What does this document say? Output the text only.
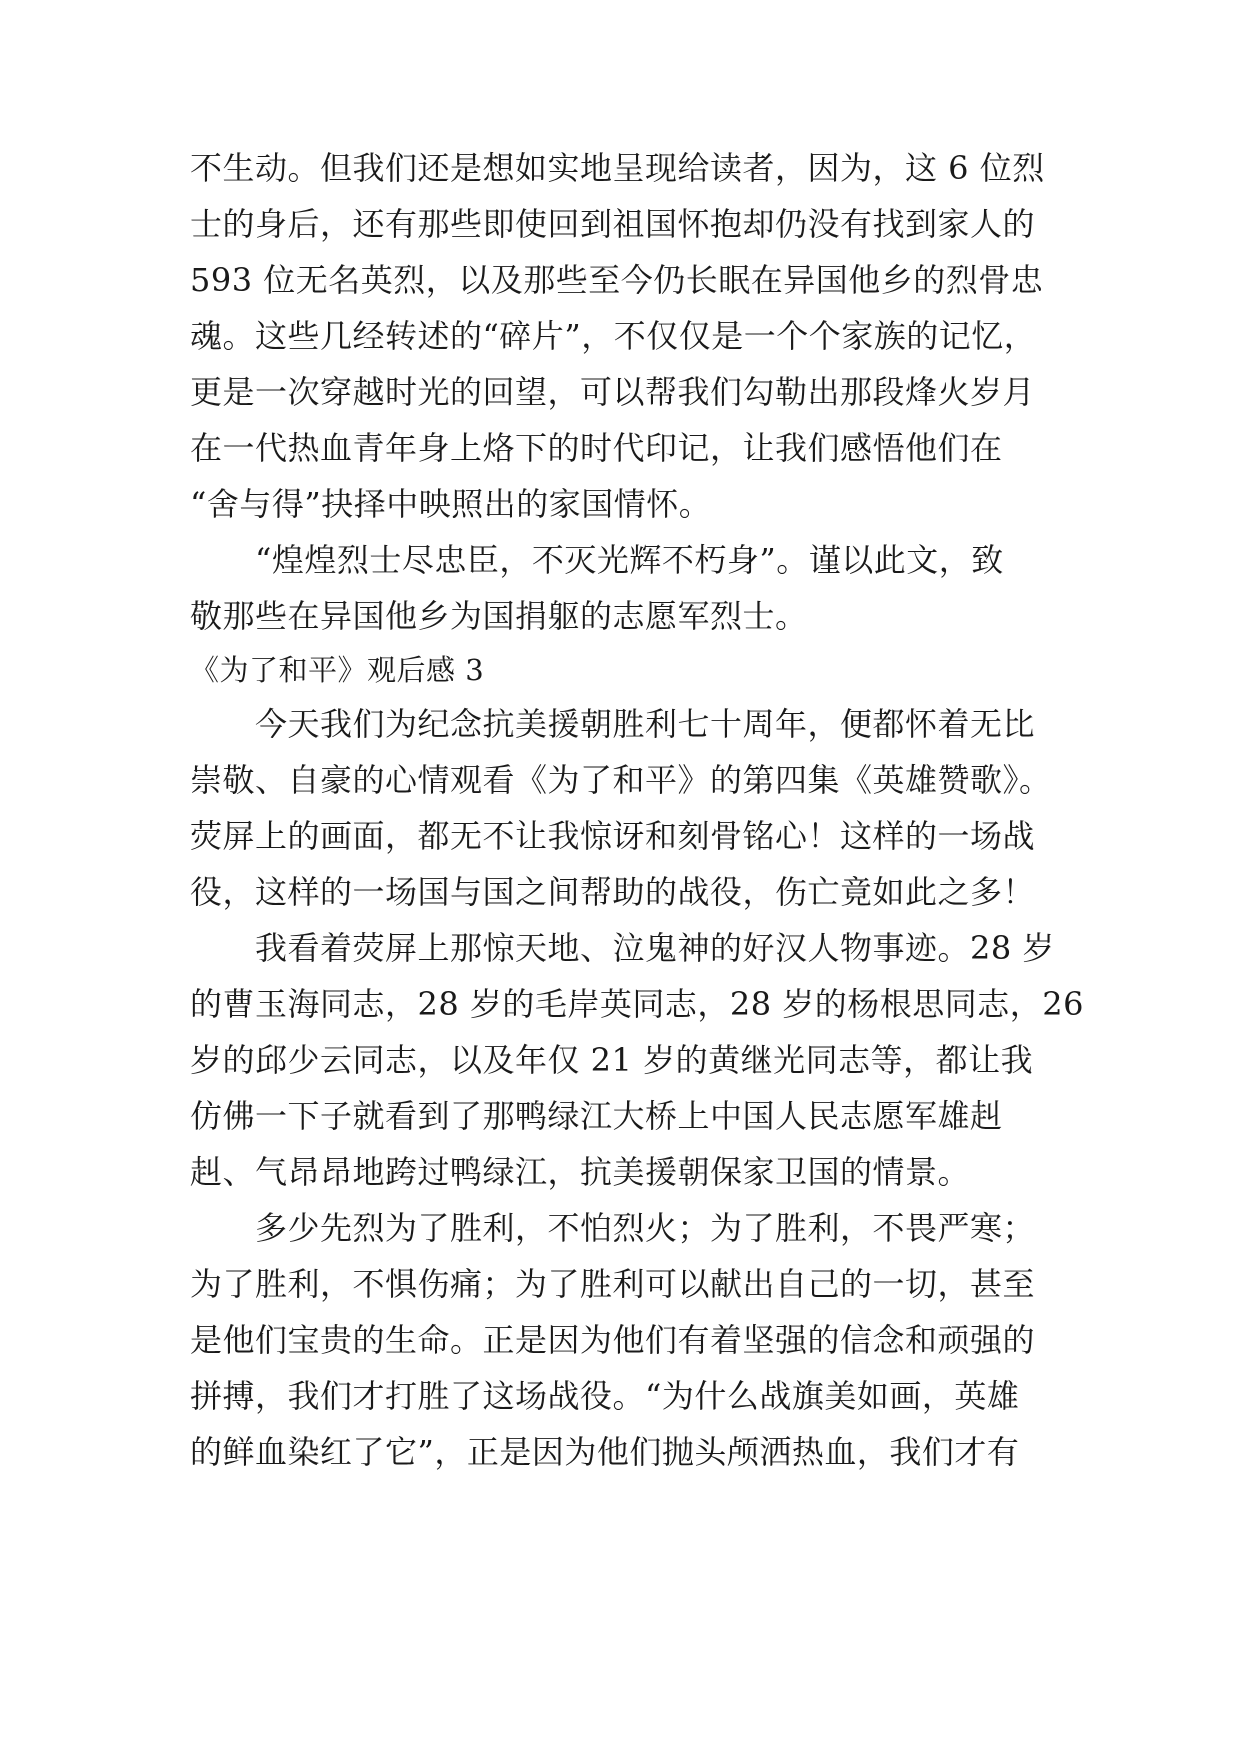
不生动。但我们还是想如实地呈现给读者，因为，这 6 位烈
士的身后，还有那些即使回到祖国怀抱却仍没有找到家人的
593 位无名英烈，以及那些至今仍长眠在异国他乡的烈骨忠
魂。这些几经转述的“碎片”，不仅仅是一个个家族的记忆，
更是一次穿越时光的回望，可以帮我们勾勒出那段烽火岁月
在一代热血青年身上烙下的时代印记，让我们感悟他们在
“舍与得”抉择中映照出的家国情怀。
　　“煌煌烈士尽忠臣，不灭光辉不朽身”。谨以此文，致
敬那些在异国他乡为国捐躯的志愿军烈士。
《为了和平》观后感 3
　　今天我们为纪念抗美援朝胜利七十周年，便都怀着无比
崇敬、自豪的心情观看《为了和平》的第四集《英雄赞歌》。
荧屏上的画面，都无不让我惊讶和刻骨铭心！这样的一场战
役，这样的一场国与国之间帮助的战役，伤亡竟如此之多！
　　我看着荧屏上那惊天地、泣鬼神的好汉人物事迹。28 岁
的曹玉海同志，28 岁的毛岸英同志，28 岁的杨根思同志，26
岁的邱少云同志，以及年仅 21 岁的黄继光同志等，都让我
仿佛一下子就看到了那鸭绿江大桥上中国人民志愿军雄赳
赳、气昂昂地跨过鸭绿江，抗美援朝保家卫国的情景。
　　多少先烈为了胜利，不怕烈火；为了胜利，不畏严寒；
为了胜利，不惧伤痛；为了胜利可以献出自己的一切，甚至
是他们宝贵的生命。正是因为他们有着坚强的信念和顽强的
拼搏，我们才打胜了这场战役。“为什么战旗美如画，英雄
的鲜血染红了它”，正是因为他们抛头颅洒热血，我们才有
